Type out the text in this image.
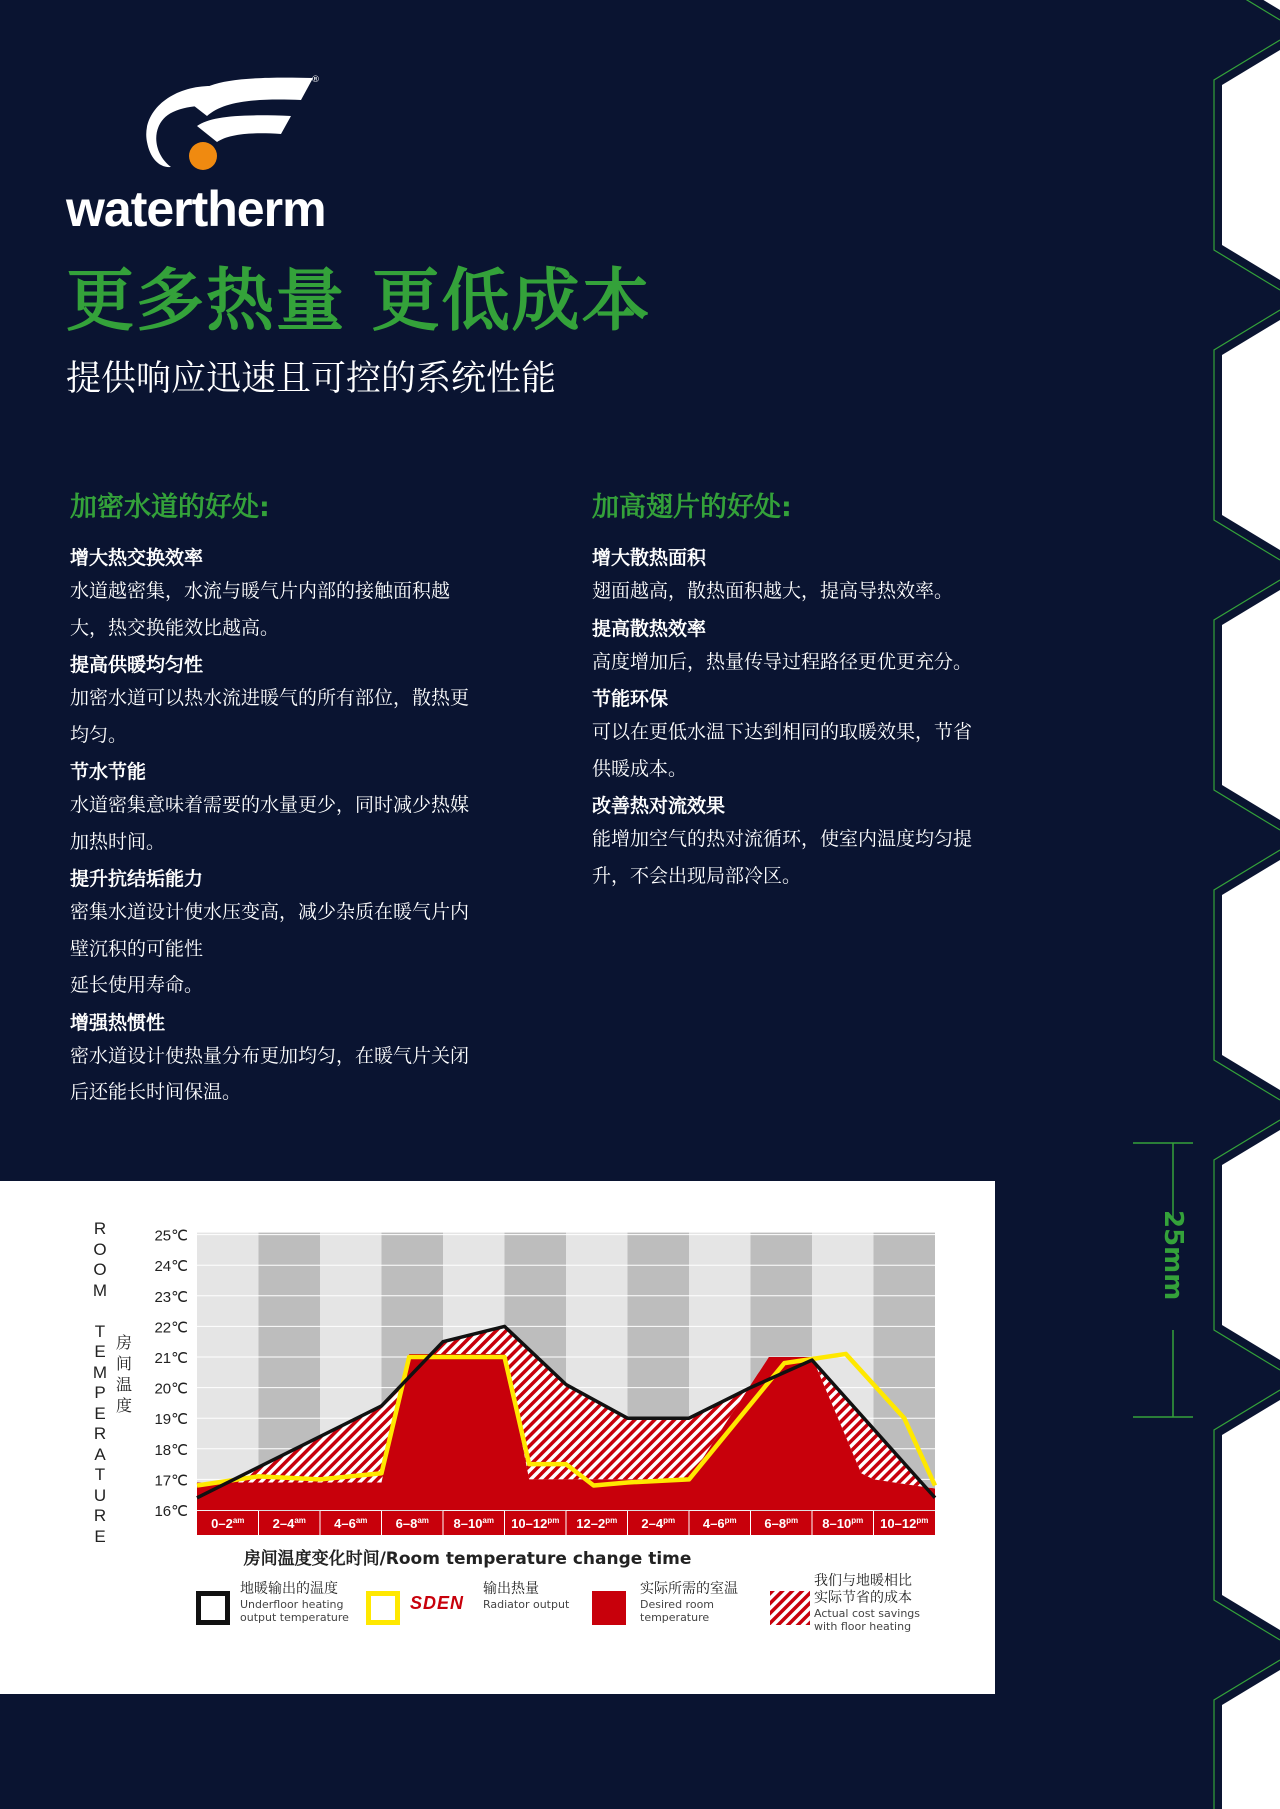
®
watertherm
更多热量 更低成本
提供响应迅速且可控的系统性能
加密水道的好处:
增大热交换效率
水道越密集，水流与暖气片内部的接触面积越
大，热交换能效比越高。
提高供暖均匀性
加密水道可以热水流进暖气的所有部位，散热更
均匀。
节水节能
水道密集意味着需要的水量更少，同时减少热媒
加热时间。
提升抗结垢能力
密集水道设计使水压变高，减少杂质在暖气片内
壁沉积的可能性
延长使用寿命。
增强热惯性
密水道设计使热量分布更加均匀，在暖气片关闭
后还能长时间保温。
加高翅片的好处:
增大散热面积
翅面越高，散热面积越大，提高导热效率。
提高散热效率
高度增加后，热量传导过程路径更优更充分。
节能环保
可以在更低水温下达到相同的取暖效果，节省
供暖成本。
改善热对流效果
能增加空气的热对流循环，使室内温度均匀提
升，不会出现局部冷区。
25mm
16℃
17℃
18℃
19℃
20℃
21℃
22℃
23℃
24℃
25℃
$0-2^{am}$ $2-4^{am}$ $4-6^{am}$ $6-8^{am}$ $8-10^{am}$ $10-12^{pm}$ $12-2^{pm}$ $2-4^{pm}$ $4-6^{pm}$ $6-8^{pm}$ $8-10^{pm}$ $10-12^{pm}$
R
O
O
M

T
E
M
P
E
R
A
T
U
R
E
房
间
温
度
房间温度变化时间/Room temperature change time
地暖输出的温度
Underfloor heating
output temperature
SDEN
输出热量
Radiator output
实际所需的室温
Desired room
temperature
我们与地暖相比
实际节省的成本
Actual cost savings
with floor heating
